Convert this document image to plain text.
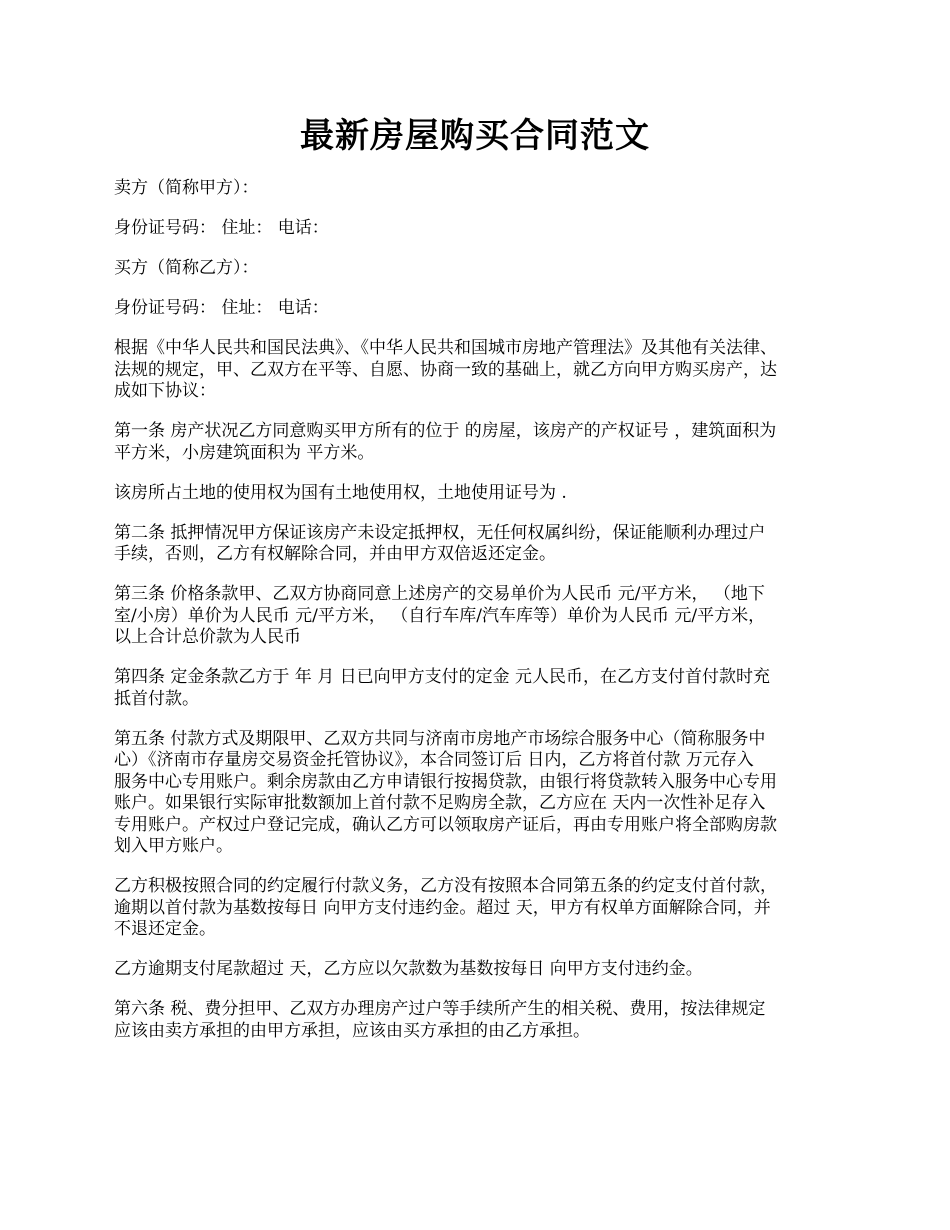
最新房屋购买合同范文

卖方（简称甲方）：

身份证号码： 住址： 电话：

买方（简称乙方）：

身份证号码： 住址： 电话：

根据《中华人民共和国民法典》、《中华人民共和国城市房地产管理法》及其他有关法律、
法规的规定，甲、乙双方在平等、自愿、协商一致的基础上，就乙方向甲方购买房产，达
成如下协议：

第一条 房产状况乙方同意购买甲方所有的位于 的房屋，该房产的产权证号 ，建筑面积为
平方米，小房建筑面积为 平方米。

该房所占土地的使用权为国有土地使用权，土地使用证号为 .

第二条 抵押情况甲方保证该房产未设定抵押权，无任何权属纠纷，保证能顺利办理过户
手续，否则，乙方有权解除合同，并由甲方双倍返还定金。

第三条 价格条款甲、乙双方协商同意上述房产的交易单价为人民币 元/平方米， （地下
室/小房）单价为人民币 元/平方米， （自行车库/汽车库等）单价为人民币 元/平方米，
以上合计总价款为人民币

第四条 定金条款乙方于 年 月 日已向甲方支付的定金 元人民币，在乙方支付首付款时充
抵首付款。

第五条 付款方式及期限甲、乙双方共同与济南市房地产市场综合服务中心（简称服务中
心）《济南市存量房交易资金托管协议》，本合同签订后 日内，乙方将首付款 万元存入
服务中心专用账户。剩余房款由乙方申请银行按揭贷款，由银行将贷款转入服务中心专用
账户。如果银行实际审批数额加上首付款不足购房全款，乙方应在 天内一次性补足存入
专用账户。产权过户登记完成，确认乙方可以领取房产证后，再由专用账户将全部购房款
划入甲方账户。

乙方积极按照合同的约定履行付款义务，乙方没有按照本合同第五条的约定支付首付款，
逾期以首付款为基数按每日 向甲方支付违约金。超过 天，甲方有权单方面解除合同，并
不退还定金。

乙方逾期支付尾款超过 天，乙方应以欠款数为基数按每日 向甲方支付违约金。

第六条 税、费分担甲、乙双方办理房产过户等手续所产生的相关税、费用，按法律规定
应该由卖方承担的由甲方承担，应该由买方承担的由乙方承担。
